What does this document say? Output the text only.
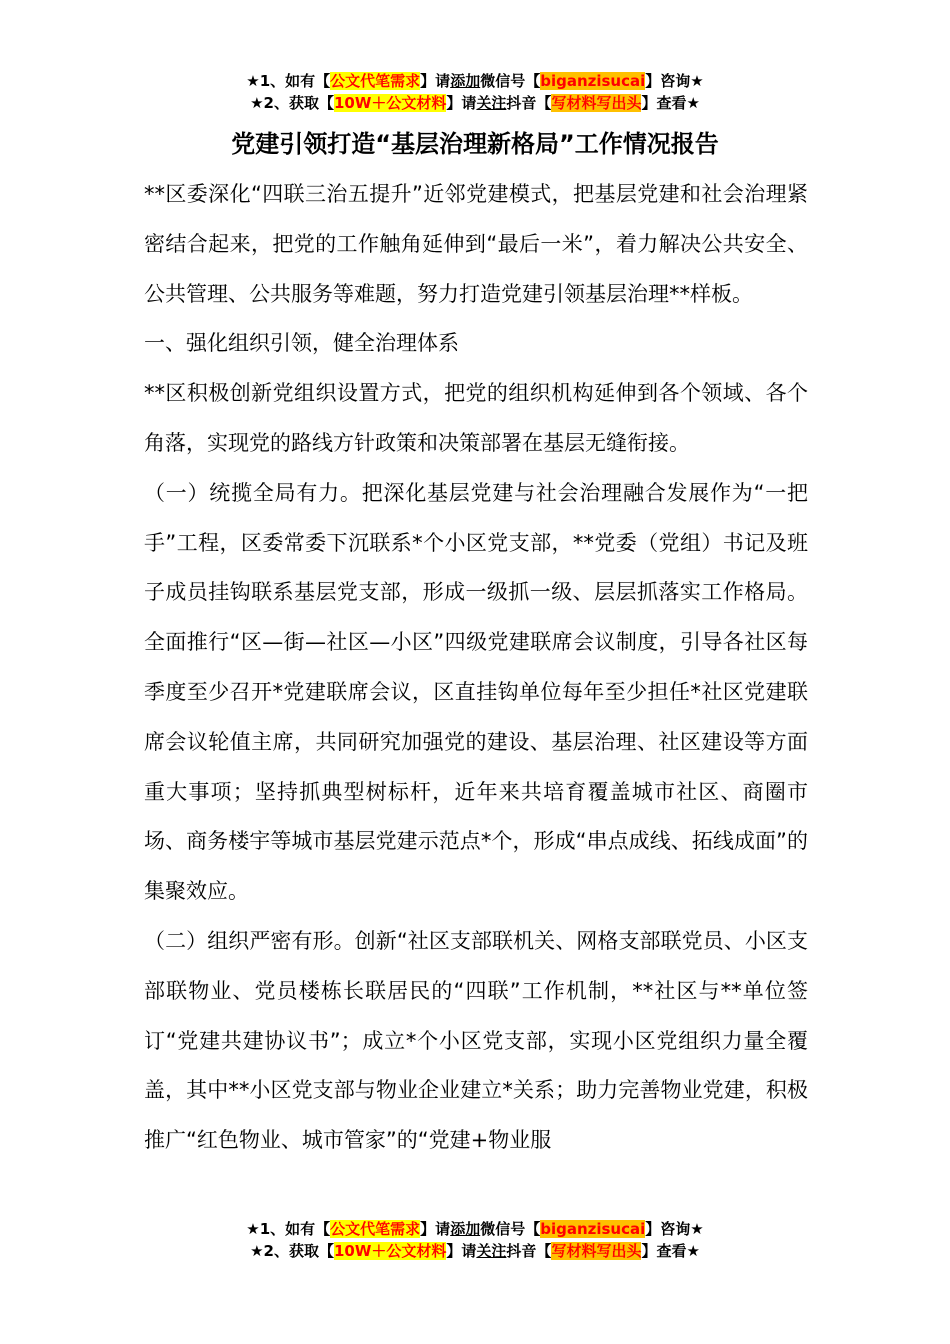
★1、如有【公文代笔需求】请添加微信号【biganzisucai】咨询★
★2、获取【10W＋公文材料】请关注抖音【写材料写出头】查看★
党建引领打造“基层治理新格局”工作情况报告

**区委深化“四联三治五提升”近邻党建模式，把基层党建和社会治理紧密结合起来，把党的工作触角延伸到“最后一米”，着力解决公共安全、公共管理、公共服务等难题，努力打造党建引领基层治理**样板。

一、强化组织引领，健全治理体系

**区积极创新党组织设置方式，把党的组织机构延伸到各个领域、各个角落，实现党的路线方针政策和决策部署在基层无缝衔接。

（一）统揽全局有力。把深化基层党建与社会治理融合发展作为“一把手”工程，区委常委下沉联系*个小区党支部，**党委（党组）书记及班子成员挂钩联系基层党支部，形成一级抓一级、层层抓落实工作格局。全面推行“区—街—社区—小区”四级党建联席会议制度，引导各社区每季度至少召开*党建联席会议，区直挂钩单位每年至少担任*社区党建联席会议轮值主席，共同研究加强党的建设、基层治理、社区建设等方面重大事项；坚持抓典型树标杆，近年来共培育覆盖城市社区、商圈市场、商务楼宇等城市基层党建示范点*个，形成“串点成线、拓线成面”的集聚效应。

（二）组织严密有形。创新“社区支部联机关、网格支部联党员、小区支部联物业、党员楼栋长联居民的“四联”工作机制，**社区与**单位签订“党建共建协议书”；成立*个小区党支部，实现小区党组织力量全覆盖，其中**小区党支部与物业企业建立*关系；助力完善物业党建，积极推广“红色物业、城市管家”的“党建+物业服

★1、如有【公文代笔需求】请添加微信号【biganzisucai】咨询★
★2、获取【10W＋公文材料】请关注抖音【写材料写出头】查看★
